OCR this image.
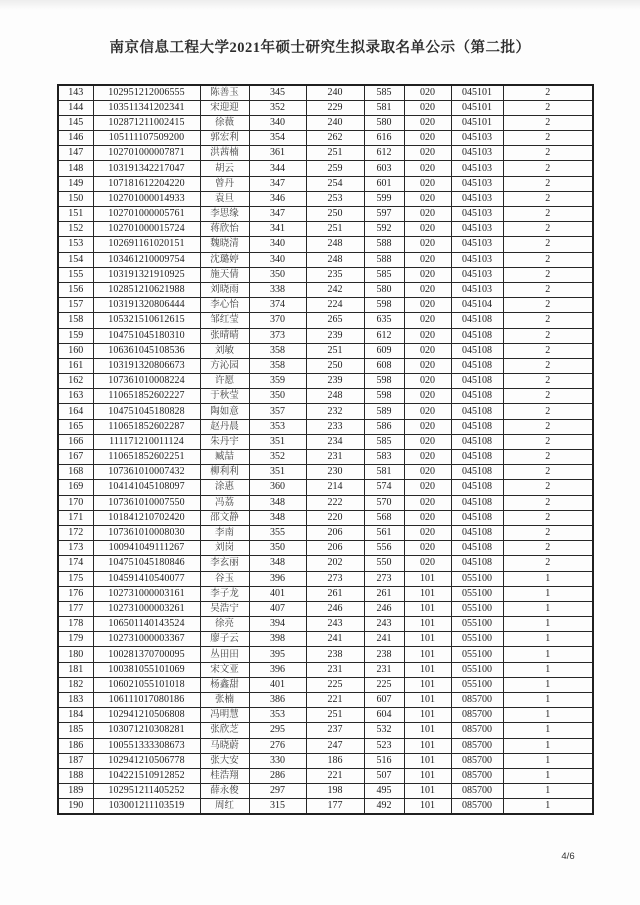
南京信息工程大学2021年硕士研究生拟录取名单公示（第二批）
143	102951212006555	陈善玉	345	240	585	020	045101	2
144	103511341202341	宋迎迎	352	229	581	020	045101	2
145	102871211002415	徐薇	340	240	580	020	045101	2
146	105111107509200	郭宏利	354	262	616	020	045103	2
147	102701000007871	洪茜楠	361	251	612	020	045103	2
148	103191342217047	胡云	344	259	603	020	045103	2
149	107181612204220	曾丹	347	254	601	020	045103	2
150	102701000014933	袁旦	346	253	599	020	045103	2
151	102701000005761	李思缘	347	250	597	020	045103	2
152	102701000015724	蒋欣怡	341	251	592	020	045103	2
153	102691161020151	魏晓清	340	248	588	020	045103	2
154	103461210009754	沈璐婷	340	248	588	020	045103	2
155	103191321910925	施天倩	350	235	585	020	045103	2
156	102851210621988	刘晓雨	338	242	580	020	045103	2
157	103191320806444	李心怡	374	224	598	020	045104	2
158	105321510612615	邹红莹	370	265	635	020	045108	2
159	104751045180310	张晴晴	373	239	612	020	045108	2
160	106361045108536	刘敏	358	251	609	020	045108	2
161	103191320806673	方沁园	358	250	608	020	045108	2
162	107361010008224	许愿	359	239	598	020	045108	2
163	110651852602227	于秋莹	350	248	598	020	045108	2
164	104751045180828	陶如意	357	232	589	020	045108	2
165	110651852602287	赵丹晨	353	233	586	020	045108	2
166	111171210011124	朱丹宇	351	234	585	020	045108	2
167	110651852602251	臧喆	352	231	583	020	045108	2
168	107361010007432	柳利利	351	230	581	020	045108	2
169	104141045108097	涂惠	360	214	574	020	045108	2
170	107361010007550	冯荔	348	222	570	020	045108	2
171	101841210702420	邵文静	348	220	568	020	045108	2
172	107361010008030	李南	355	206	561	020	045108	2
173	100941049111267	刘岗	350	206	556	020	045108	2
174	104751045180846	李玄丽	348	202	550	020	045108	2
175	104591410540077	谷玉	396	273	273	101	055100	1
176	102731000003161	李子龙	401	261	261	101	055100	1
177	102731000003261	吴浩宁	407	246	246	101	055100	1
178	106501140143524	徐亮	394	243	243	101	055100	1
179	102731000003367	廖子云	398	241	241	101	055100	1
180	100281370700095	丛田田	395	238	238	101	055100	1
181	100381055101069	宋文亚	396	231	231	101	055100	1
182	106021055101018	杨鑫甜	401	225	225	101	055100	1
183	106111017080186	张楠	386	221	607	101	085700	1
184	102941210506808	冯明慧	353	251	604	101	085700	1
185	103071210308281	张欣芝	295	237	532	101	085700	1
186	100551333308673	马晓蔚	276	247	523	101	085700	1
187	102941210506778	张大安	330	186	516	101	085700	1
188	104221510912852	桂浩翔	286	221	507	101	085700	1
189	102951211405252	薛永俊	297	198	495	101	085700	1
190	103001211103519	周红	315	177	492	101	085700	1
4/6
